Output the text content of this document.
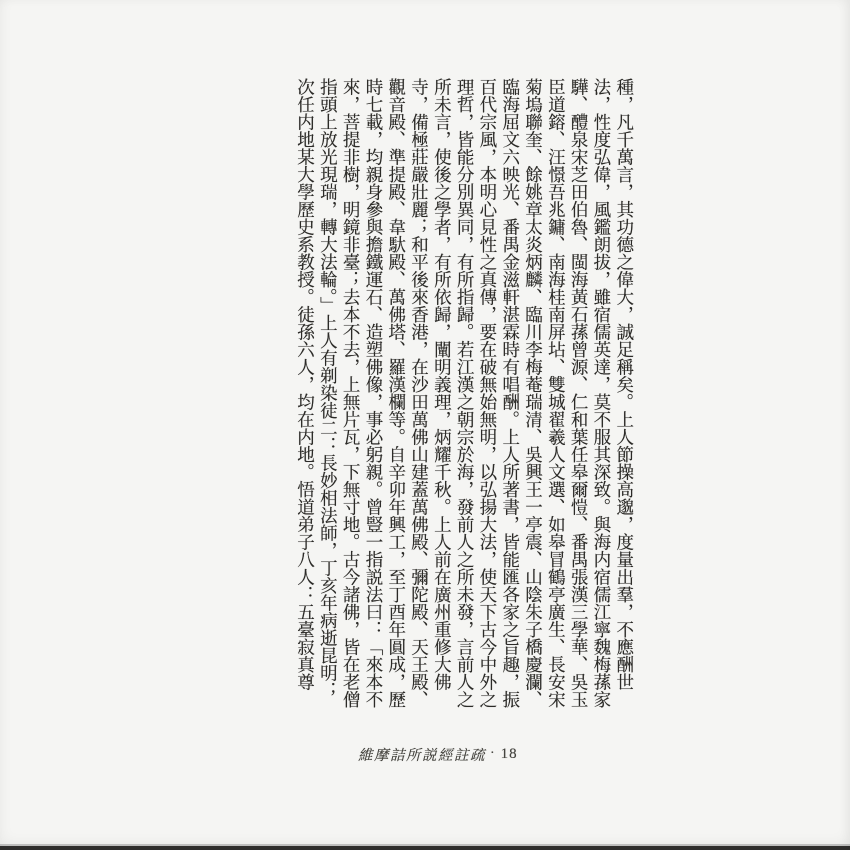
種，凡千萬言，其功德之偉大，誠足稱矣。上人節操高邈，度量出羣，不應酬世
法，性度弘偉，風鑑朗拔，雖宿儒英達，莫不服其深致。與海内宿儒江寧魏梅蓀家
驊、醴泉宋芝田伯魯、閩海黃石蓀曾源、仁和葉任皋爾愷、番禺張漢三學華、吳玉
臣道鎔、汪憬吾兆鏞、南海桂南屏坫、雙城翟羲人文選、如皋冒鶴亭廣生、長安宋
菊塢聯奎、餘姚章太炎炳麟、臨川李梅菴瑞清、吳興王一亭震、山陰朱子橋慶瀾、
臨海屈文六映光、番禺金滋軒湛霖時有唱酬。上人所著書，皆能匯各家之旨趣，振
百代宗風，本明心見性之真傳，要在破無始無明，以弘揚大法，使天下古今中外之
理哲，皆能分別異同，有所指歸。若江漢之朝宗於海，發前人之所未發，言前人之
所未言，使後之學者，有所依歸，闡明義理，炳耀千秋。上人前在廣州重修大佛
寺，備極莊嚴壯麗；和平後來香港，在沙田萬佛山建蓋萬佛殿、彌陀殿、天王殿、
觀音殿、準提殿、韋馱殿、萬佛塔、羅漢欄等。自辛卯年興工，至丁酉年圓成，歷
時七載，均親身參與擔鐵運石、造塑佛像，事必躬親。曾豎一指説法曰：「來本不
來，菩提非樹，明鏡非臺；去本不去，上無片瓦，下無寸地。古今諸佛，皆在老僧
指頭上放光現瑞，轉大法輪。」上人有剃染徒二：長妙相法師，丁亥年病逝昆明；
次任内地某大學歷史系教授。徒孫六人，均在内地。悟道弟子八人：五臺寂真尊
維摩詰所説經註疏 · 18
